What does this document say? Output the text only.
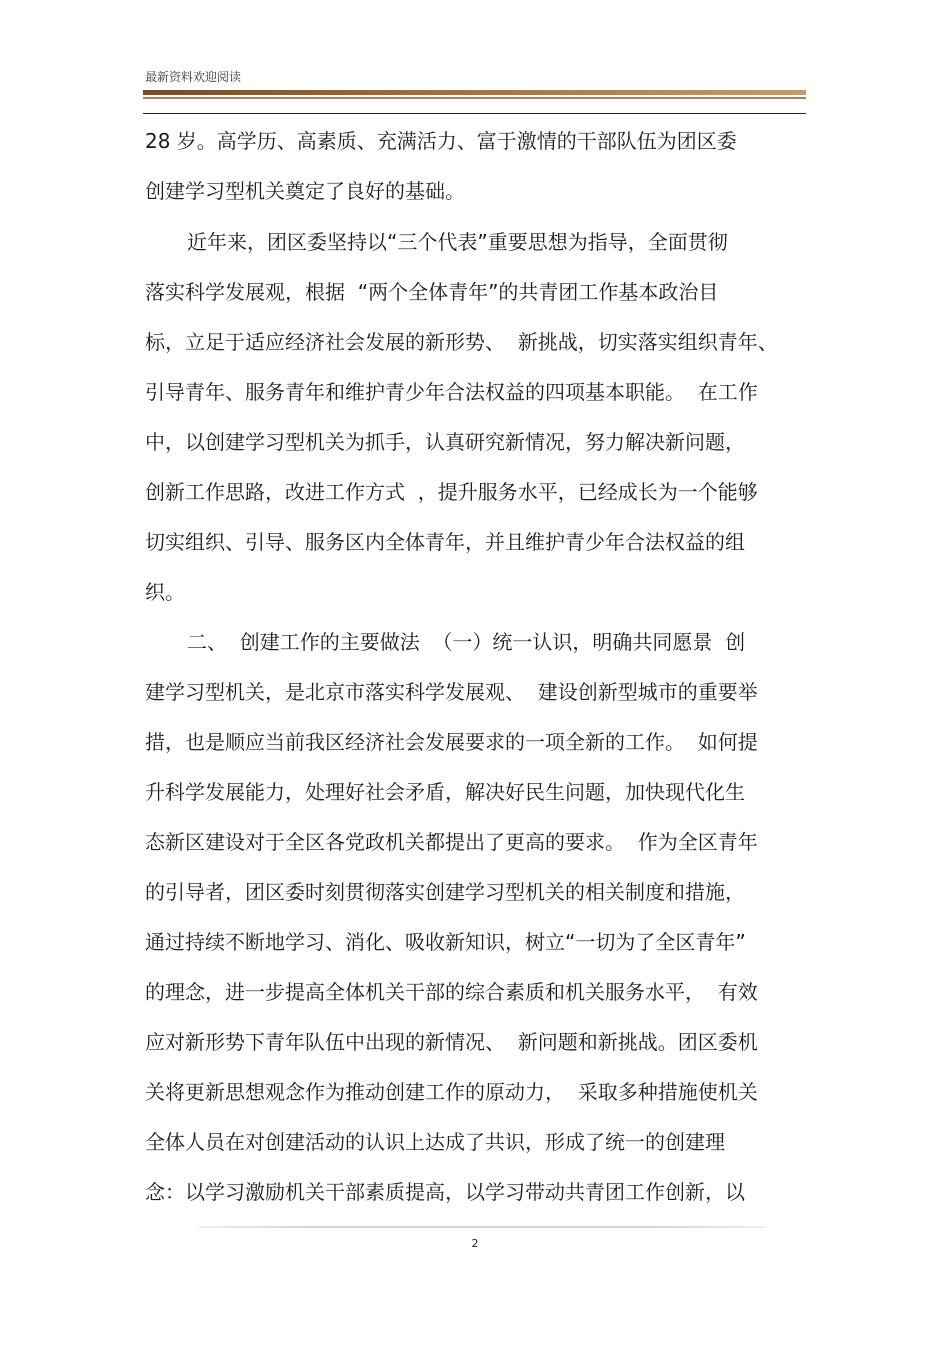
最新资料欢迎阅读
28 岁。高学历、高素质、充满活力、富于激情的干部队伍为团区委
创建学习型机关奠定了良好的基础。
近年来，团区委坚持以“三个代表”重要思想为指导，全面贯彻
落实科学发展观，根据  “两个全体青年”的共青团工作基本政治目
标，立足于适应经济社会发展的新形势、  新挑战，切实落实组织青年、
引导青年、服务青年和维护青少年合法权益的四项基本职能。  在工作
中，以创建学习型机关为抓手，认真研究新情况，努力解决新问题，
创新工作思路，改进工作方式  ，提升服务水平，已经成长为一个能够
切实组织、引导、服务区内全体青年，并且维护青少年合法权益的组
织。
二、  创建工作的主要做法  （一）统一认识，明确共同愿景  创
建学习型机关，是北京市落实科学发展观、  建设创新型城市的重要举
措，也是顺应当前我区经济社会发展要求的一项全新的工作。  如何提
升科学发展能力，处理好社会矛盾，解决好民生问题，加快现代化生
态新区建设对于全区各党政机关都提出了更高的要求。  作为全区青年
的引导者，团区委时刻贯彻落实创建学习型机关的相关制度和措施，
通过持续不断地学习、消化、吸收新知识，树立“一切为了全区青年”
的理念，进一步提高全体机关干部的综合素质和机关服务水平，  有效
应对新形势下青年队伍中出现的新情况、  新问题和新挑战。团区委机
关将更新思想观念作为推动创建工作的原动力，  采取多种措施使机关
全体人员在对创建活动的认识上达成了共识，形成了统一的创建理
念：以学习激励机关干部素质提高，以学习带动共青团工作创新，以
2
